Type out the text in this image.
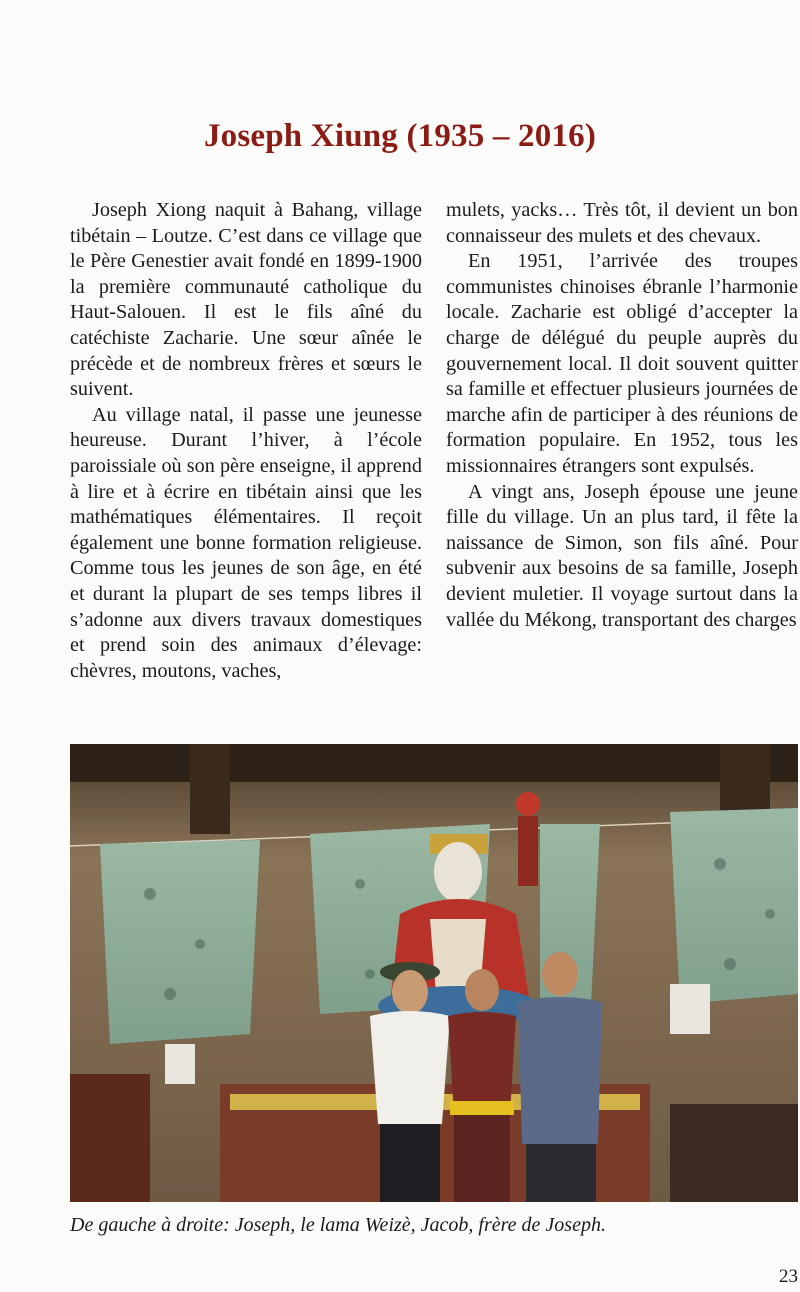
Joseph Xiung (1935 – 2016)

Joseph Xiong naquit à Bahang, village tibétain – Loutze. C’est dans ce village que le Père Genestier avait fondé en 1899-1900 la première communauté catholique du Haut-Salouen. Il est le fils aîné du catéchiste Zacharie. Une sœur aînée le précède et de nombreux frères et sœurs le suivent.

Au village natal, il passe une jeunesse heureuse. Durant l’hiver, à l’école paroissiale où son père enseigne, il apprend à lire et à écrire en tibétain ainsi que les mathématiques élémentaires. Il reçoit également une bonne formation religieuse. Comme tous les jeunes de son âge, en été et durant la plupart de ses temps libres il s’adonne aux divers travaux domestiques et prend soin des animaux d’élevage: chèvres, moutons, vaches,

mulets, yacks… Très tôt, il devient un bon connaisseur des mulets et des chevaux.

En 1951, l’arrivée des troupes communistes chinoises ébranle l’harmonie locale. Zacharie est obligé d’accepter la charge de délégué du peuple auprès du gouvernement local. Il doit souvent quitter sa famille et effectuer plusieurs journées de marche afin de participer à des réunions de formation populaire. En 1952, tous les missionnaires étrangers sont expulsés.

A vingt ans, Joseph épouse une jeune fille du village. Un an plus tard, il fête la naissance de Simon, son fils aîné. Pour subvenir aux besoins de sa famille, Joseph devient muletier. Il voyage surtout dans la vallée du Mékong, transportant des charges

De gauche à droite: Joseph, le lama Weizè, Jacob, frère de Joseph.

23
